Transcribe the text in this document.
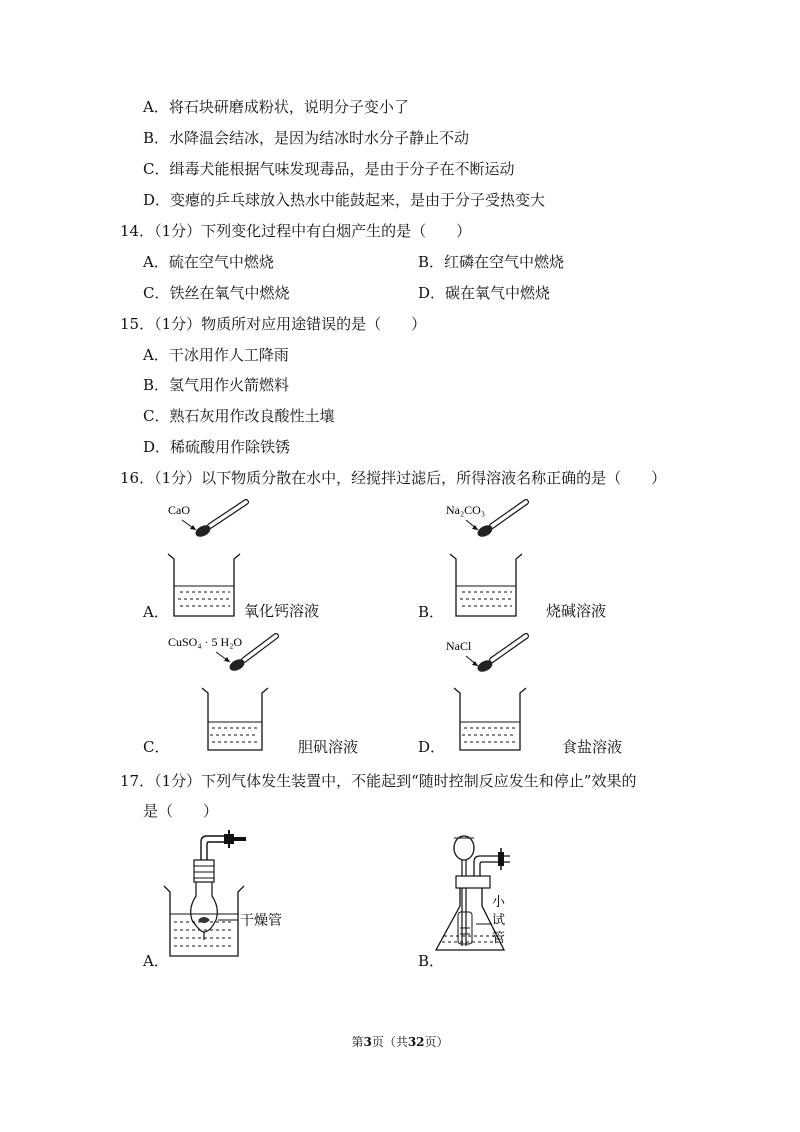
A．将石块研磨成粉状，说明分子变小了
B．水降温会结冰，是因为结冰时水分子静止不动
C．缉毒犬能根据气味发现毒品，是由于分子在不断运动
D．变瘪的乒乓球放入热水中能鼓起来，是由于分子受热变大
14．（1分）下列变化过程中有白烟产生的是（　　）
A．硫在空气中燃烧	B．红磷在空气中燃烧
C．铁丝在氧气中燃烧	D．碳在氧气中燃烧
15．（1分）物质所对应用途错误的是（　　）
A．干冰用作人工降雨
B．氢气用作火箭燃料
C．熟石灰用作改良酸性土壤
D．稀硫酸用作除铁锈
16．（1分）以下物质分散在水中，经搅拌过滤后，所得溶液名称正确的是（　　）
CaO
A．	氧化钙溶液
Na₂CO₃
B．	烧碱溶液
CuSO₄ · 5 H₂O
C．	胆矾溶液
NaCl
D．	食盐溶液
17．（1分）下列气体发生装置中，不能起到“随时控制反应发生和停止”效果的
是（　　）
干燥管
A．
小
试
管
B．
第3页（共32页）
